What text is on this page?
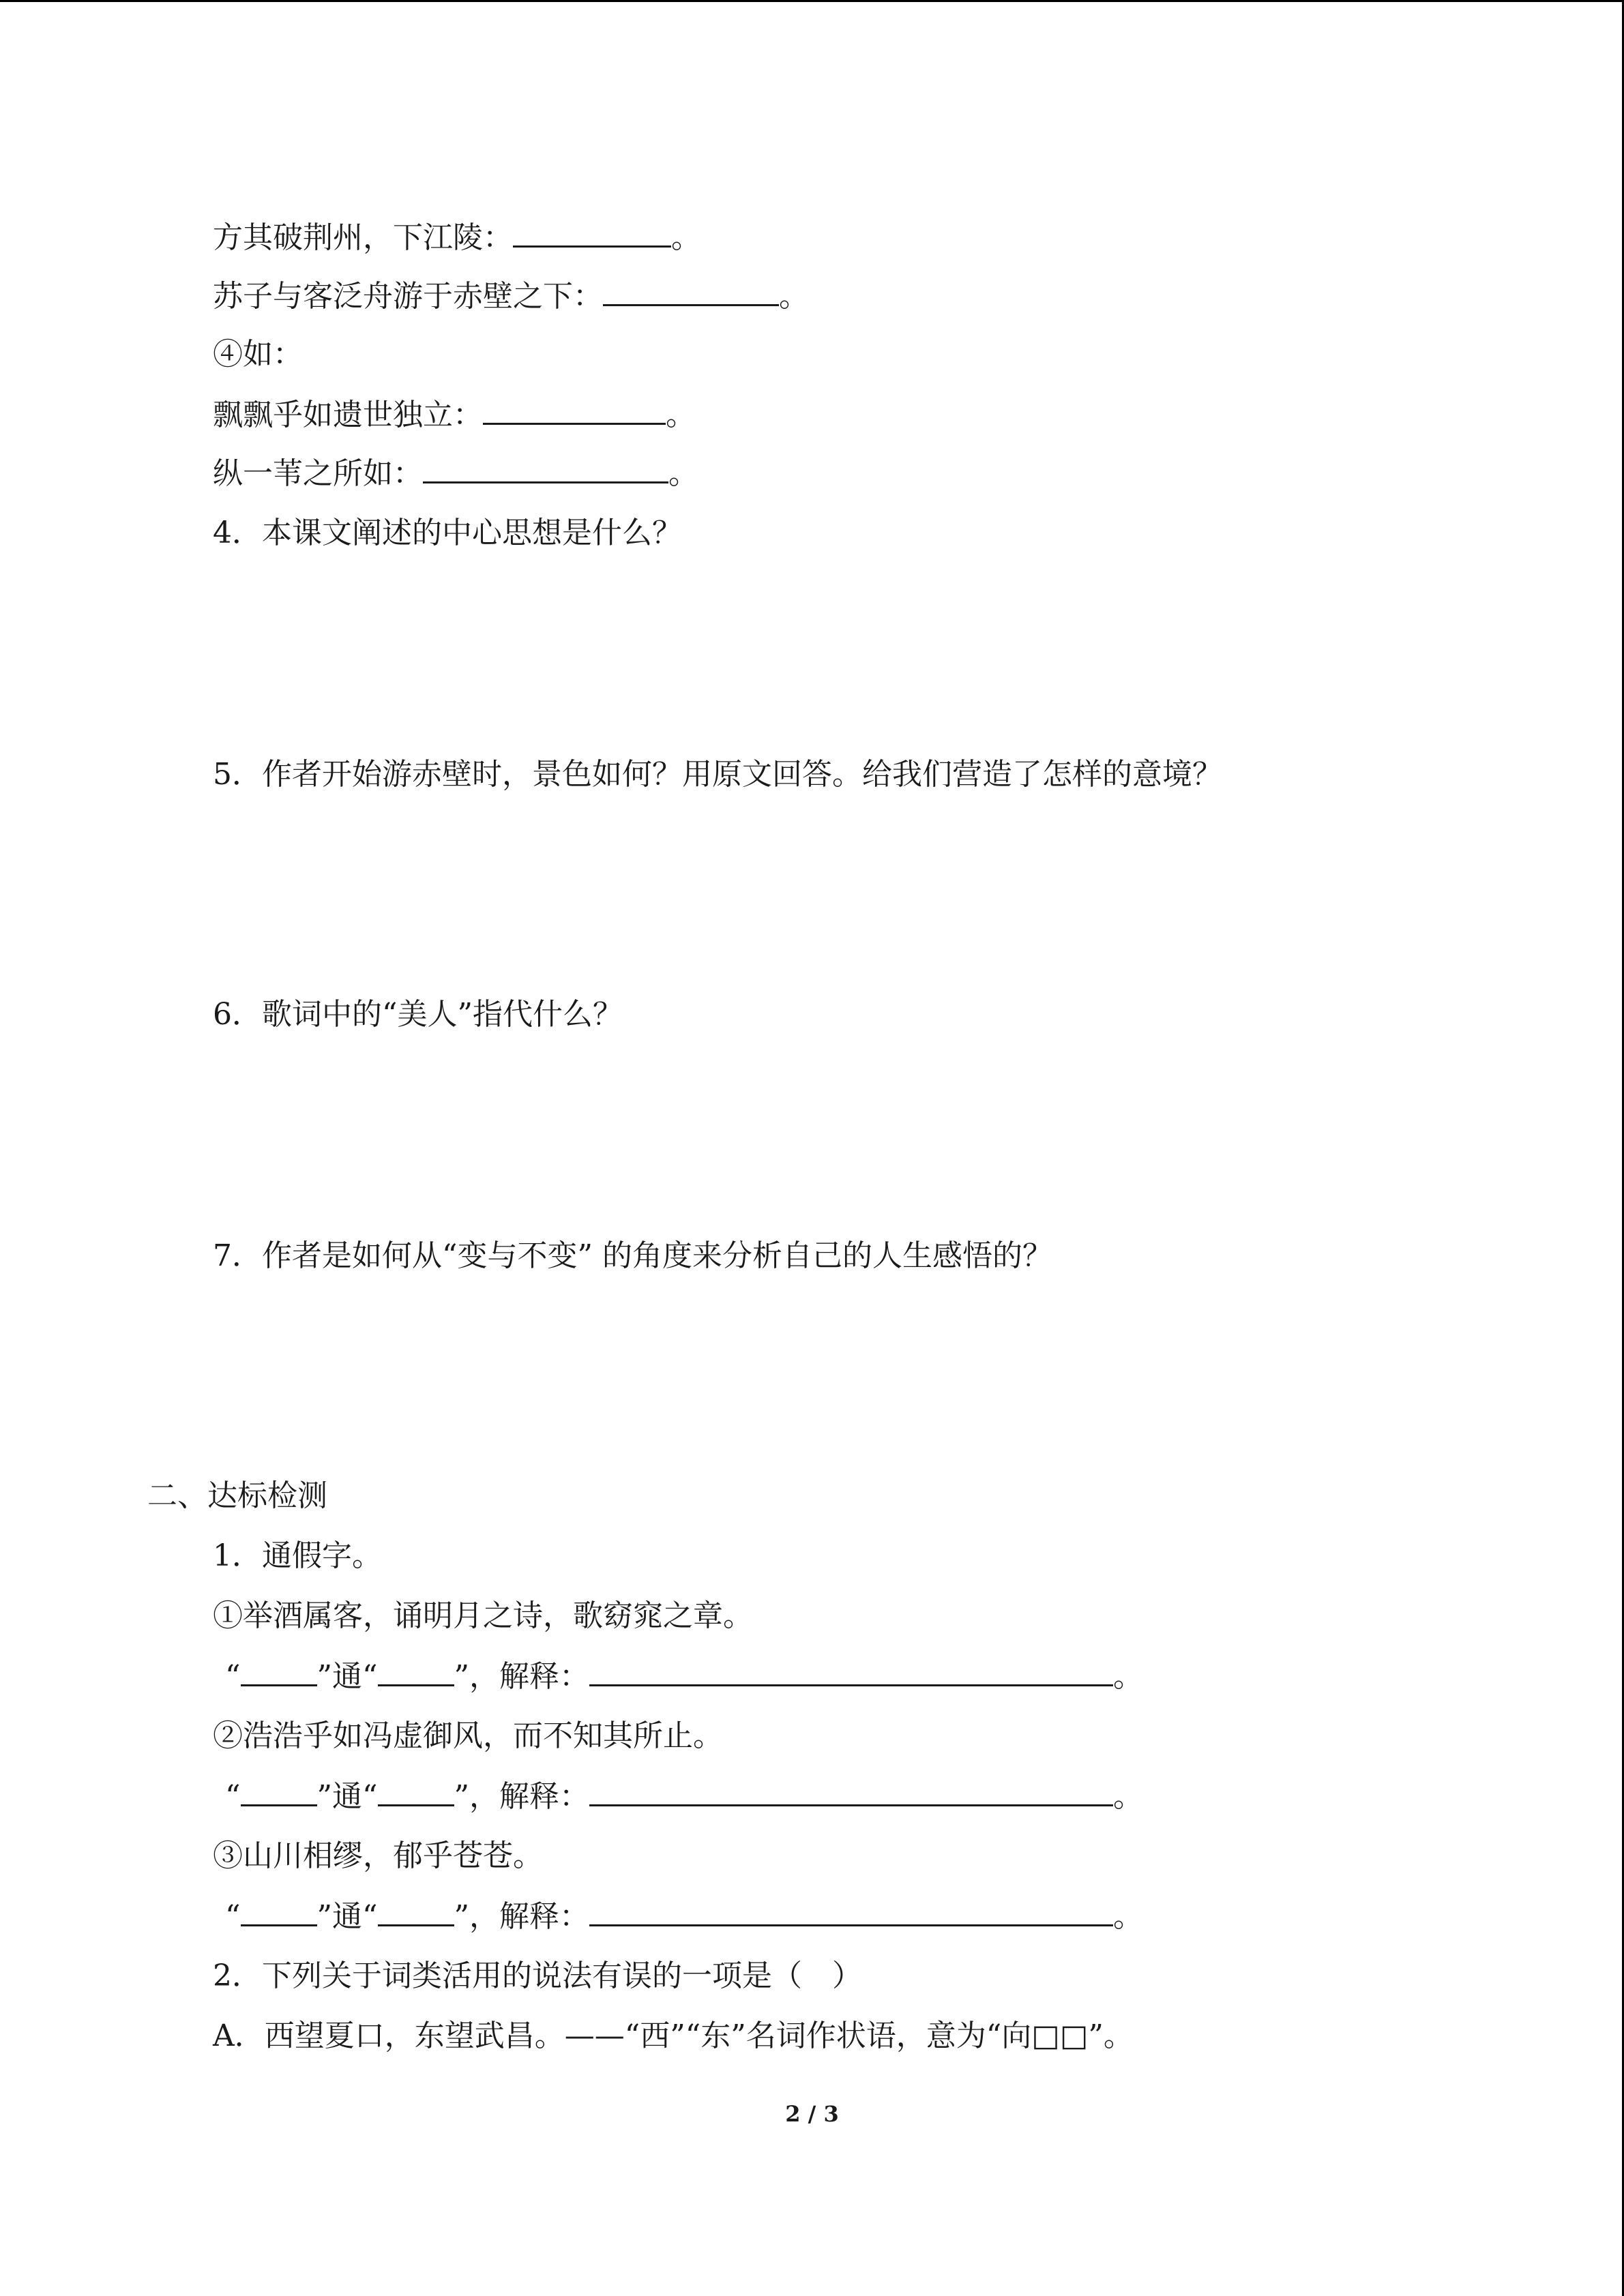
方其破荆州，下江陵：	。
苏子与客泛舟游于赤壁之下：	。
④如：
飘飘乎如遗世独立：	。
纵一苇之所如：	。
4．本课文阐述的中心思想是什么？
5．作者开始游赤壁时，景色如何？用原文回答。给我们营造了怎样的意境？
6．歌词中的“美人”指代什么？
7．作者是如何从“变与不变” 的角度来分析自己的人生感悟的？
二、达标检测
1．通假字。
①举酒属客，诵明月之诗，歌窈窕之章。
“	”通“	”，解释：	。
②浩浩乎如冯虚御风，而不知其所止。
“	”通“	”，解释：	。
③山川相缪，郁乎苍苍。
“	”通“	”，解释：	。
2．下列关于词类活用的说法有误的一项是（　）
A．西望夏口，东望武昌。——“西”“东”名词作状语，意为“向□□”。
2 / 3
